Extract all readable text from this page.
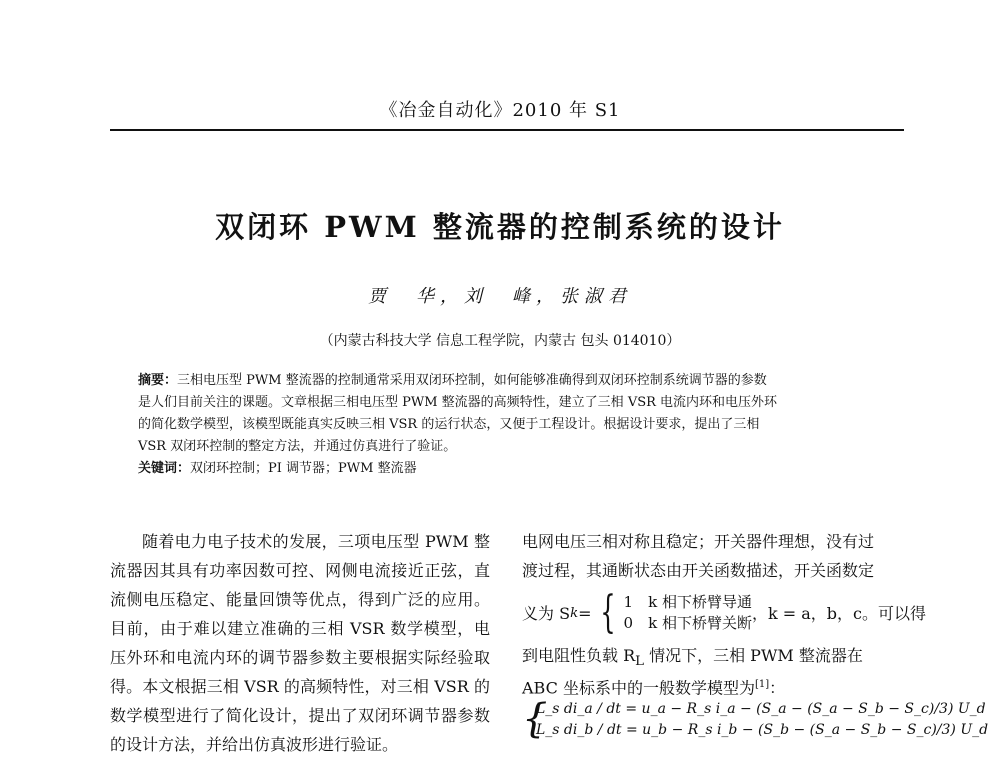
《冶金自动化》2010 年 S1
双闭环 PWM 整流器的控制系统的设计
贾　华，刘　峰，张淑君
（内蒙古科技大学 信息工程学院，内蒙古 包头 014010）
摘要：三相电压型 PWM 整流器的控制通常采用双闭环控制，如何能够准确得到双闭环控制系统调节器的参数
是人们目前关注的课题。文章根据三相电压型 PWM 整流器的高频特性，建立了三相 VSR 电流内环和电压外环
的简化数学模型，该模型既能真实反映三相 VSR 的运行状态，又便于工程设计。根据设计要求，提出了三相
VSR 双闭环控制的整定方法，并通过仿真进行了验证。
关键词：双闭环控制；PI 调节器；PWM 整流器

随着电力电子技术的发展，三项电压型 PWM 整流器因其具有功率因数可控、网侧电流接近正弦，直流侧电压稳定、能量回馈等优点，得到广泛的应用。目前，由于难以建立准确的三相 VSR 数学模型，电压外环和电流内环的调节器参数主要根据实际经验取得。本文根据三相 VSR 的高频特性，对三相 VSR 的数学模型进行了简化设计，提出了双闭环调节器参数的设计方法，并给出仿真波形进行验证。

电网电压三相对称且稳定；开关器件理想，没有过
渡过程，其通断状态由开关函数描述，开关函数定
义为 S k = { 1　k 相下桥臂导通
0　k 相下桥臂关断
，k = a，b，c。可以得
到电阻性负载 $R_L$ 情况下，三相 PWM 整流器在
ABC 坐标系中的一般数学模型为[1]：
{
L_s di_a / dt = u_a − R_s i_a − (S_a − (S_a − S_b − S_c)/3) U_d
L_s di_b / dt = u_b − R_s i_b − (S_b − (S_a − S_b − S_c)/3) U_d
